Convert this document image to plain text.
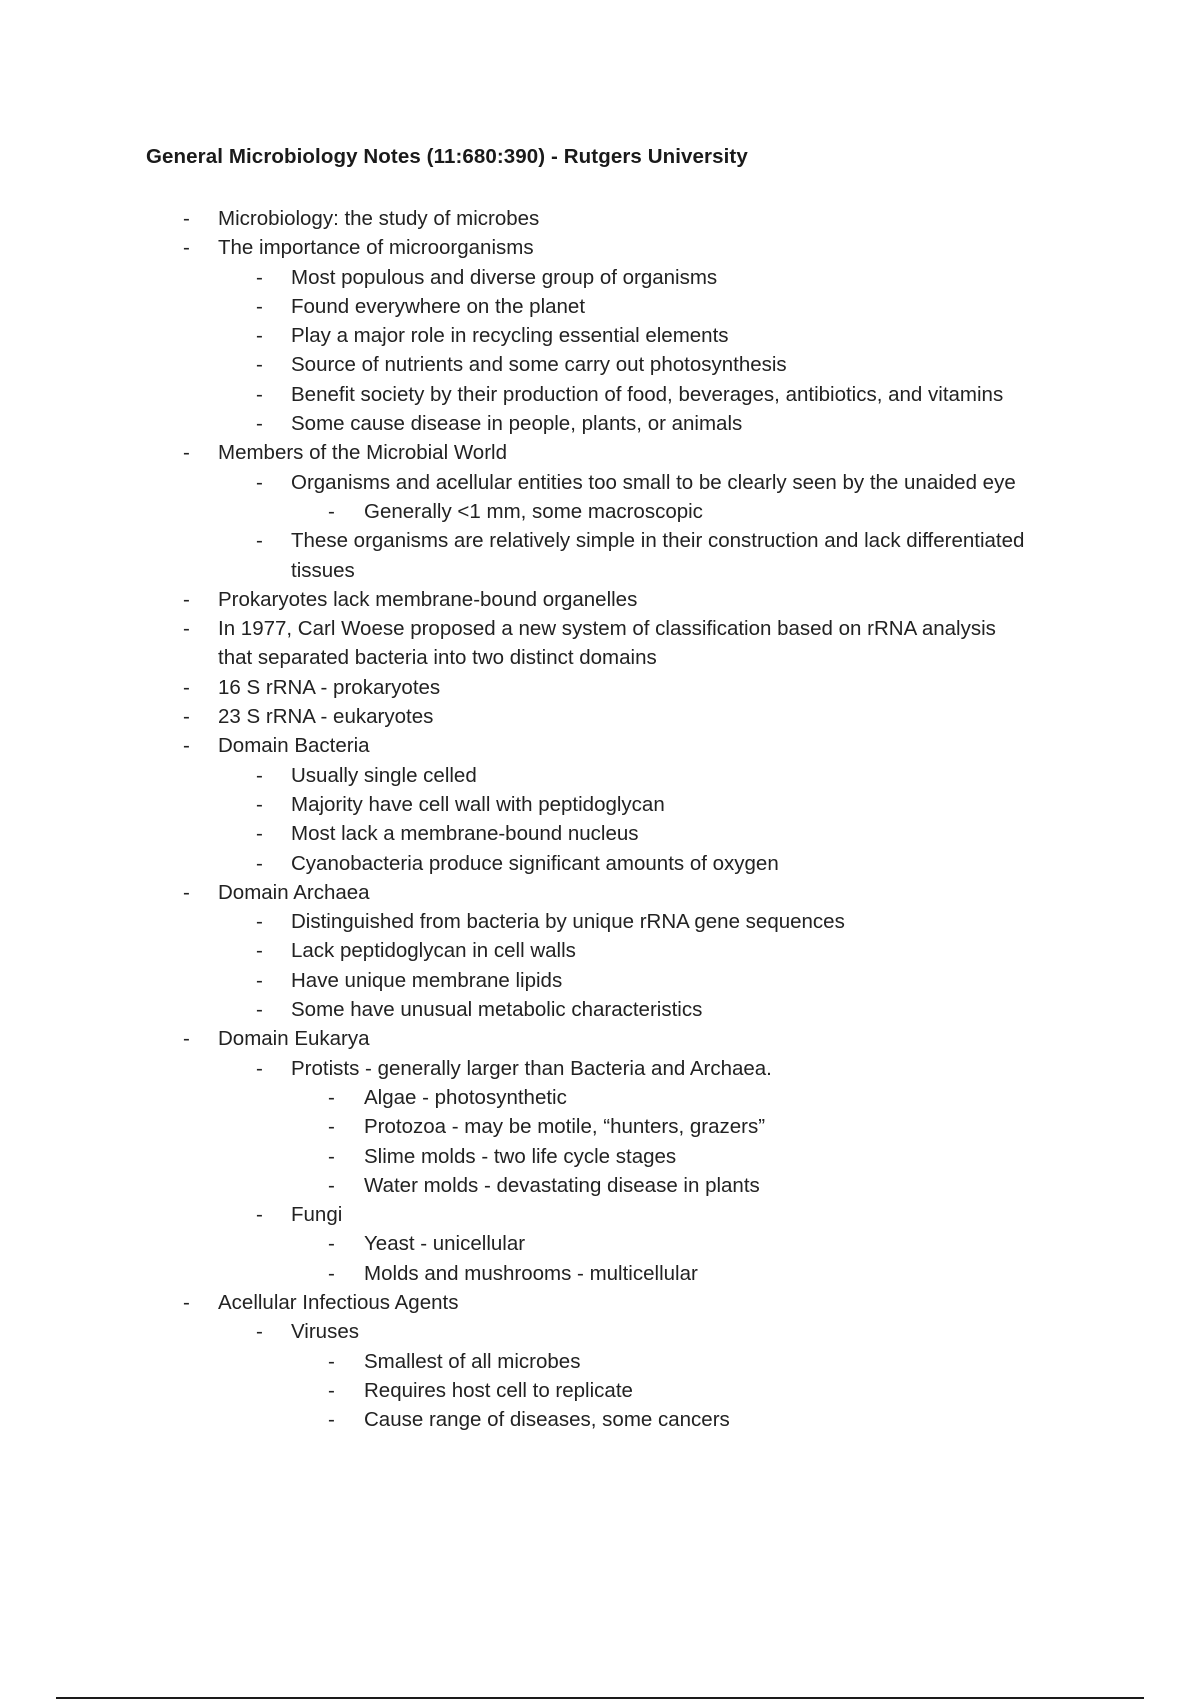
General Microbiology Notes (11:680:390) - Rutgers University
- Microbiology: the study of microbes
- The importance of microorganisms
- Most populous and diverse group of organisms
- Found everywhere on the planet
- Play a major role in recycling essential elements
- Source of nutrients and some carry out photosynthesis
- Benefit society by their production of food, beverages, antibiotics, and vitamins
- Some cause disease in people, plants, or animals
- Members of the Microbial World
- Organisms and acellular entities too small to be clearly seen by the unaided eye
- Generally <1 mm, some macroscopic
- These organisms are relatively simple in their construction and lack differentiated
tissues
- Prokaryotes lack membrane-bound organelles
- In 1977, Carl Woese proposed a new system of classification based on rRNA analysis
that separated bacteria into two distinct domains
- 16 S rRNA - prokaryotes
- 23 S rRNA - eukaryotes
- Domain Bacteria
- Usually single celled
- Majority have cell wall with peptidoglycan
- Most lack a membrane-bound nucleus
- Cyanobacteria produce significant amounts of oxygen
- Domain Archaea
- Distinguished from bacteria by unique rRNA gene sequences
- Lack peptidoglycan in cell walls
- Have unique membrane lipids
- Some have unusual metabolic characteristics
- Domain Eukarya
- Protists - generally larger than Bacteria and Archaea.
- Algae - photosynthetic
- Protozoa - may be motile, “hunters, grazers”
- Slime molds - two life cycle stages
- Water molds - devastating disease in plants
- Fungi
- Yeast - unicellular
- Molds and mushrooms - multicellular
- Acellular Infectious Agents
- Viruses
- Smallest of all microbes
- Requires host cell to replicate
- Cause range of diseases, some cancers
